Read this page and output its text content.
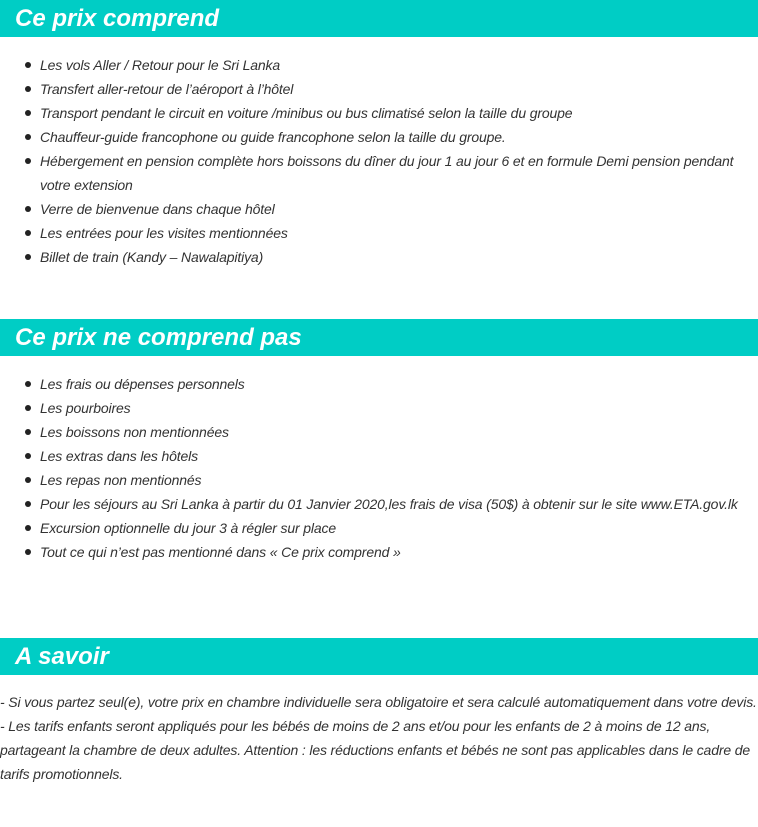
Ce prix comprend
Les vols Aller / Retour pour le Sri Lanka
Transfert aller-retour de l’aéroport à l’hôtel
Transport pendant le circuit en voiture /minibus ou bus climatisé selon la taille du groupe
Chauffeur-guide francophone ou guide francophone selon la taille du groupe.
Hébergement en pension complète hors boissons du dîner du jour 1 au jour 6 et en formule Demi pension pendant votre extension
Verre de bienvenue dans chaque hôtel
Les entrées pour les visites mentionnées
Billet de train (Kandy – Nawalapitiya)
Ce prix ne comprend pas
Les frais ou dépenses personnels
Les pourboires
Les boissons non mentionnées
Les extras dans les hôtels
Les repas non mentionnés
Pour les séjours au Sri Lanka à partir du 01 Janvier 2020,les frais de visa (50$) à obtenir sur le site www.ETA.gov.lk
Excursion optionnelle du jour 3 à régler sur place
Tout ce qui n’est pas mentionné dans « Ce prix comprend »
A savoir

- Si vous partez seul(e), votre prix en chambre individuelle sera obligatoire et sera calculé automatiquement dans votre devis.

- Les tarifs enfants seront appliqués pour les bébés de moins de 2 ans et/ou pour les enfants de 2 à moins de 12 ans, partageant la chambre de deux adultes. Attention : les réductions enfants et bébés ne sont pas applicables dans le cadre de tarifs promotionnels.
